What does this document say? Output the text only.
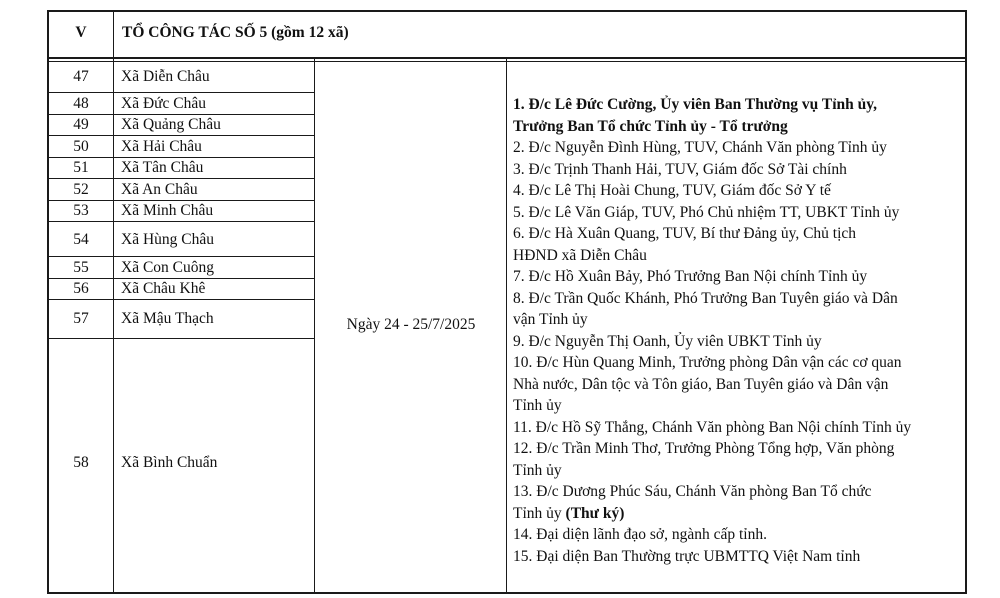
V	TỔ CÔNG TÁC SỐ 5 (gồm 12 xã)
47
48
49
50
51
52
53
54
55
56
57
58
Xã Diễn Châu
Xã Đức Châu
Xã Quảng Châu
Xã Hải Châu
Xã Tân Châu
Xã An Châu
Xã Minh Châu
Xã Hùng Châu
Xã Con Cuông
Xã Châu Khê
Xã Mậu Thạch
Xã Bình Chuẩn
Ngày 24 - 25/7/2025
1. Đ/c Lê Đức Cường, Ủy viên Ban Thường vụ Tỉnh ủy,
Trưởng Ban Tổ chức Tỉnh ủy - Tổ trưởng
2. Đ/c Nguyễn Đình Hùng, TUV, Chánh Văn phòng Tỉnh ủy
3. Đ/c Trịnh Thanh Hải, TUV, Giám đốc Sở Tài chính
4. Đ/c Lê Thị Hoài Chung, TUV, Giám đốc Sở Y tế
5. Đ/c Lê Văn Giáp, TUV, Phó Chủ nhiệm TT, UBKT Tỉnh ủy
6. Đ/c Hà Xuân Quang, TUV, Bí thư Đảng ủy, Chủ tịch
HĐND xã Diễn Châu
7. Đ/c Hồ Xuân Bảy, Phó Trưởng Ban Nội chính Tỉnh ủy
8. Đ/c Trần Quốc Khánh, Phó Trưởng Ban Tuyên giáo và Dân
vận Tỉnh ủy
9. Đ/c Nguyễn Thị Oanh, Ủy viên UBKT Tỉnh ủy
10. Đ/c Hùn Quang Minh, Trưởng phòng Dân vận các cơ quan
Nhà nước, Dân tộc và Tôn giáo, Ban Tuyên giáo và Dân vận
Tỉnh ủy
11. Đ/c Hồ Sỹ Thắng, Chánh Văn phòng Ban Nội chính Tỉnh ủy
12. Đ/c Trần Minh Thơ, Trưởng Phòng Tổng hợp, Văn phòng
Tỉnh ủy
13. Đ/c Dương Phúc Sáu, Chánh Văn phòng Ban Tổ chức
Tỉnh ủy (Thư ký)
14. Đại diện lãnh đạo sở, ngành cấp tỉnh.
15. Đại diện Ban Thường trực UBMTTQ Việt Nam tỉnh
